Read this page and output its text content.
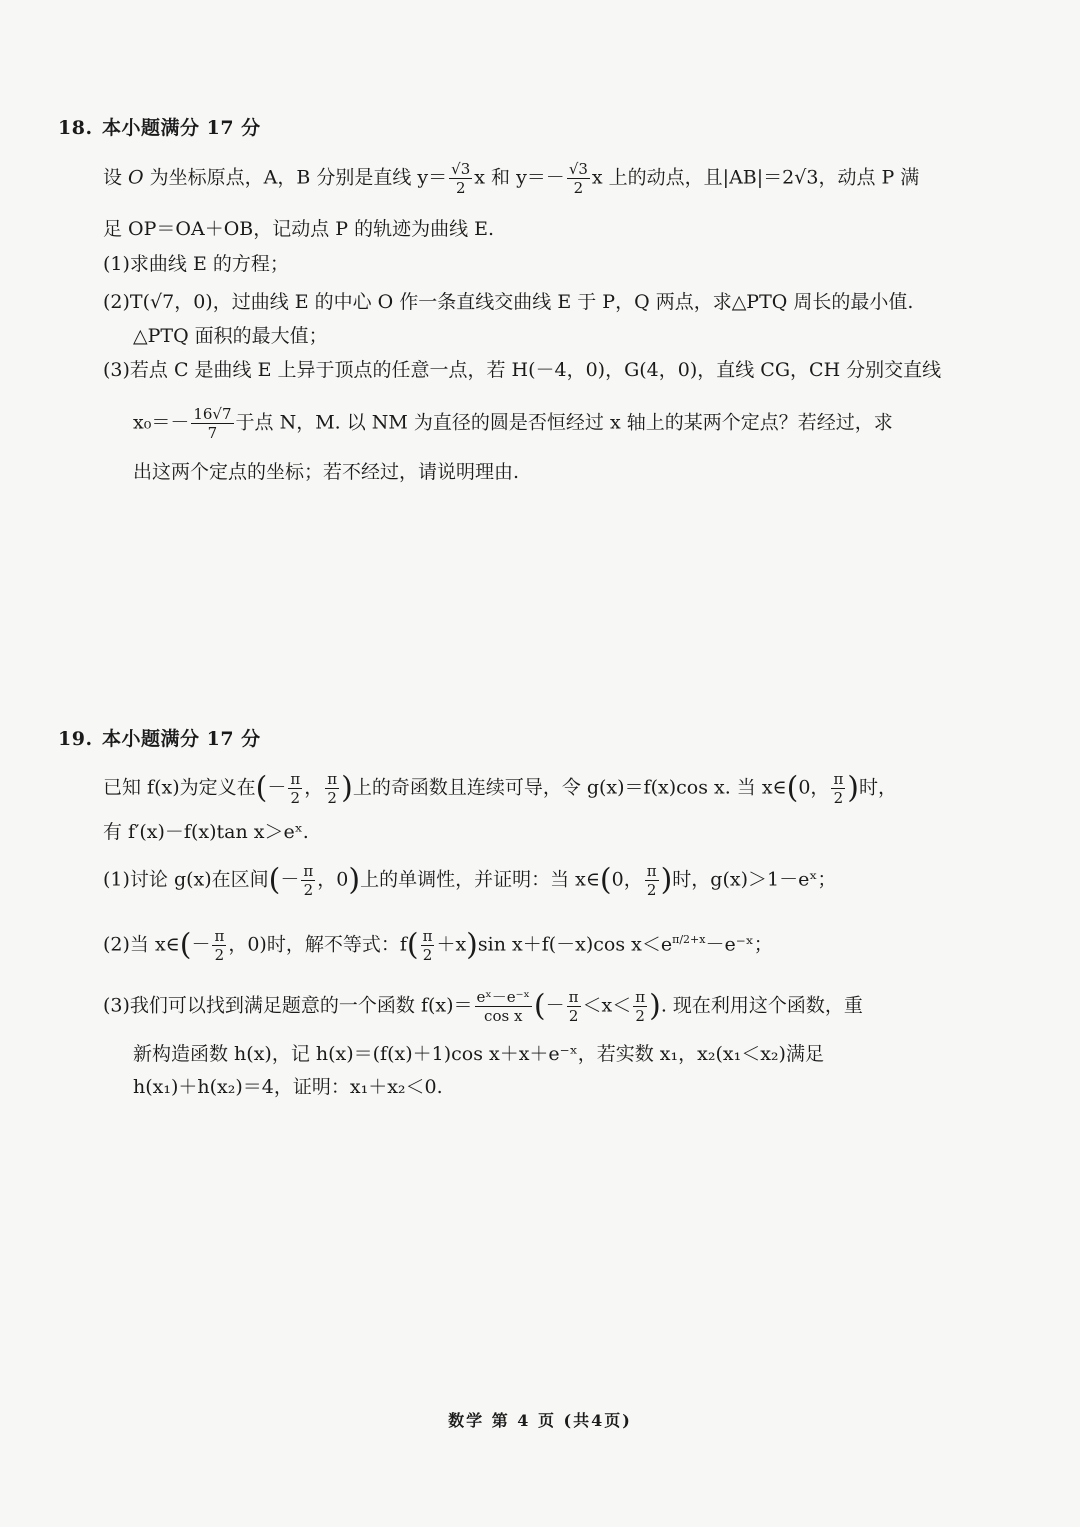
18. 本小题满分 17 分
设 O 为坐标原点，A，B 分别是直线 $y= \frac{√3}{2}$ x 和 $y=- \frac{√3}{2}$ x 上的动点，且|AB|＝2√3，动点 P 满
足 OP＝OA＋OB，记动点 P 的轨迹为曲线 E.
(1)求曲线 E 的方程；
(2)T(√7，0)，过曲线 E 的中心 O 作一条直线交曲线 E 于 P，Q 两点，求△PTQ 周长的最小值.
△PTQ 面积的最大值；
(3)若点 C 是曲线 E 上异于顶点的任意一点，若 H(－4，0)，G(4，0)，直线 CG，CH 分别交直线
$x_0=- \frac{16√7}{7}$ 于点 N，M. 以 NM 为直径的圆是否恒经过 x 轴上的某两个定点？若经过，求
出这两个定点的坐标；若不经过，请说明理由.
19. 本小题满分 17 分
已知 f(x)为定义在(－ $\frac{\pi}{2}$ ， $\frac{\pi}{2}$ )上的奇函数且连续可导，令 g(x)＝f(x)cos x. 当 x∈(0， $\frac{\pi}{2}$ )时，
有 f′(x)－f(x)tan x＞eˣ.
(1)讨论 g(x)在区间(－ $\frac{\pi}{2}$ ，0)上的单调性，并证明：当 x∈(0， $\frac{\pi}{2}$ )时，g(x)＞1－eˣ；
(2)当 x∈(－ $\frac{\pi}{2}$ ，0)时，解不等式：$f( \frac{\pi}{2} +x)\sin$ x＋f(－x)cos $x<e^{\pi/2+x}-e^-ˣ$；
(3)我们可以找到满足题意的一个函数 $f(x)= \frac{\text{eˣ－e⁻ˣ}}{\text{cos x}}$ (－ $\frac{\pi}{2} <x< \frac{\pi}{2}$ ). 现在利用这个函数，重
新构造函数 h(x)，记 h(x)＝(f(x)＋1)cos x＋x＋e⁻ˣ，若实数 x₁，x₂(x₁＜x₂)满足
h(x₁)＋h(x₂)＝4，证明：x₁＋x₂＜0.
数学 第 4 页 (共4页)
